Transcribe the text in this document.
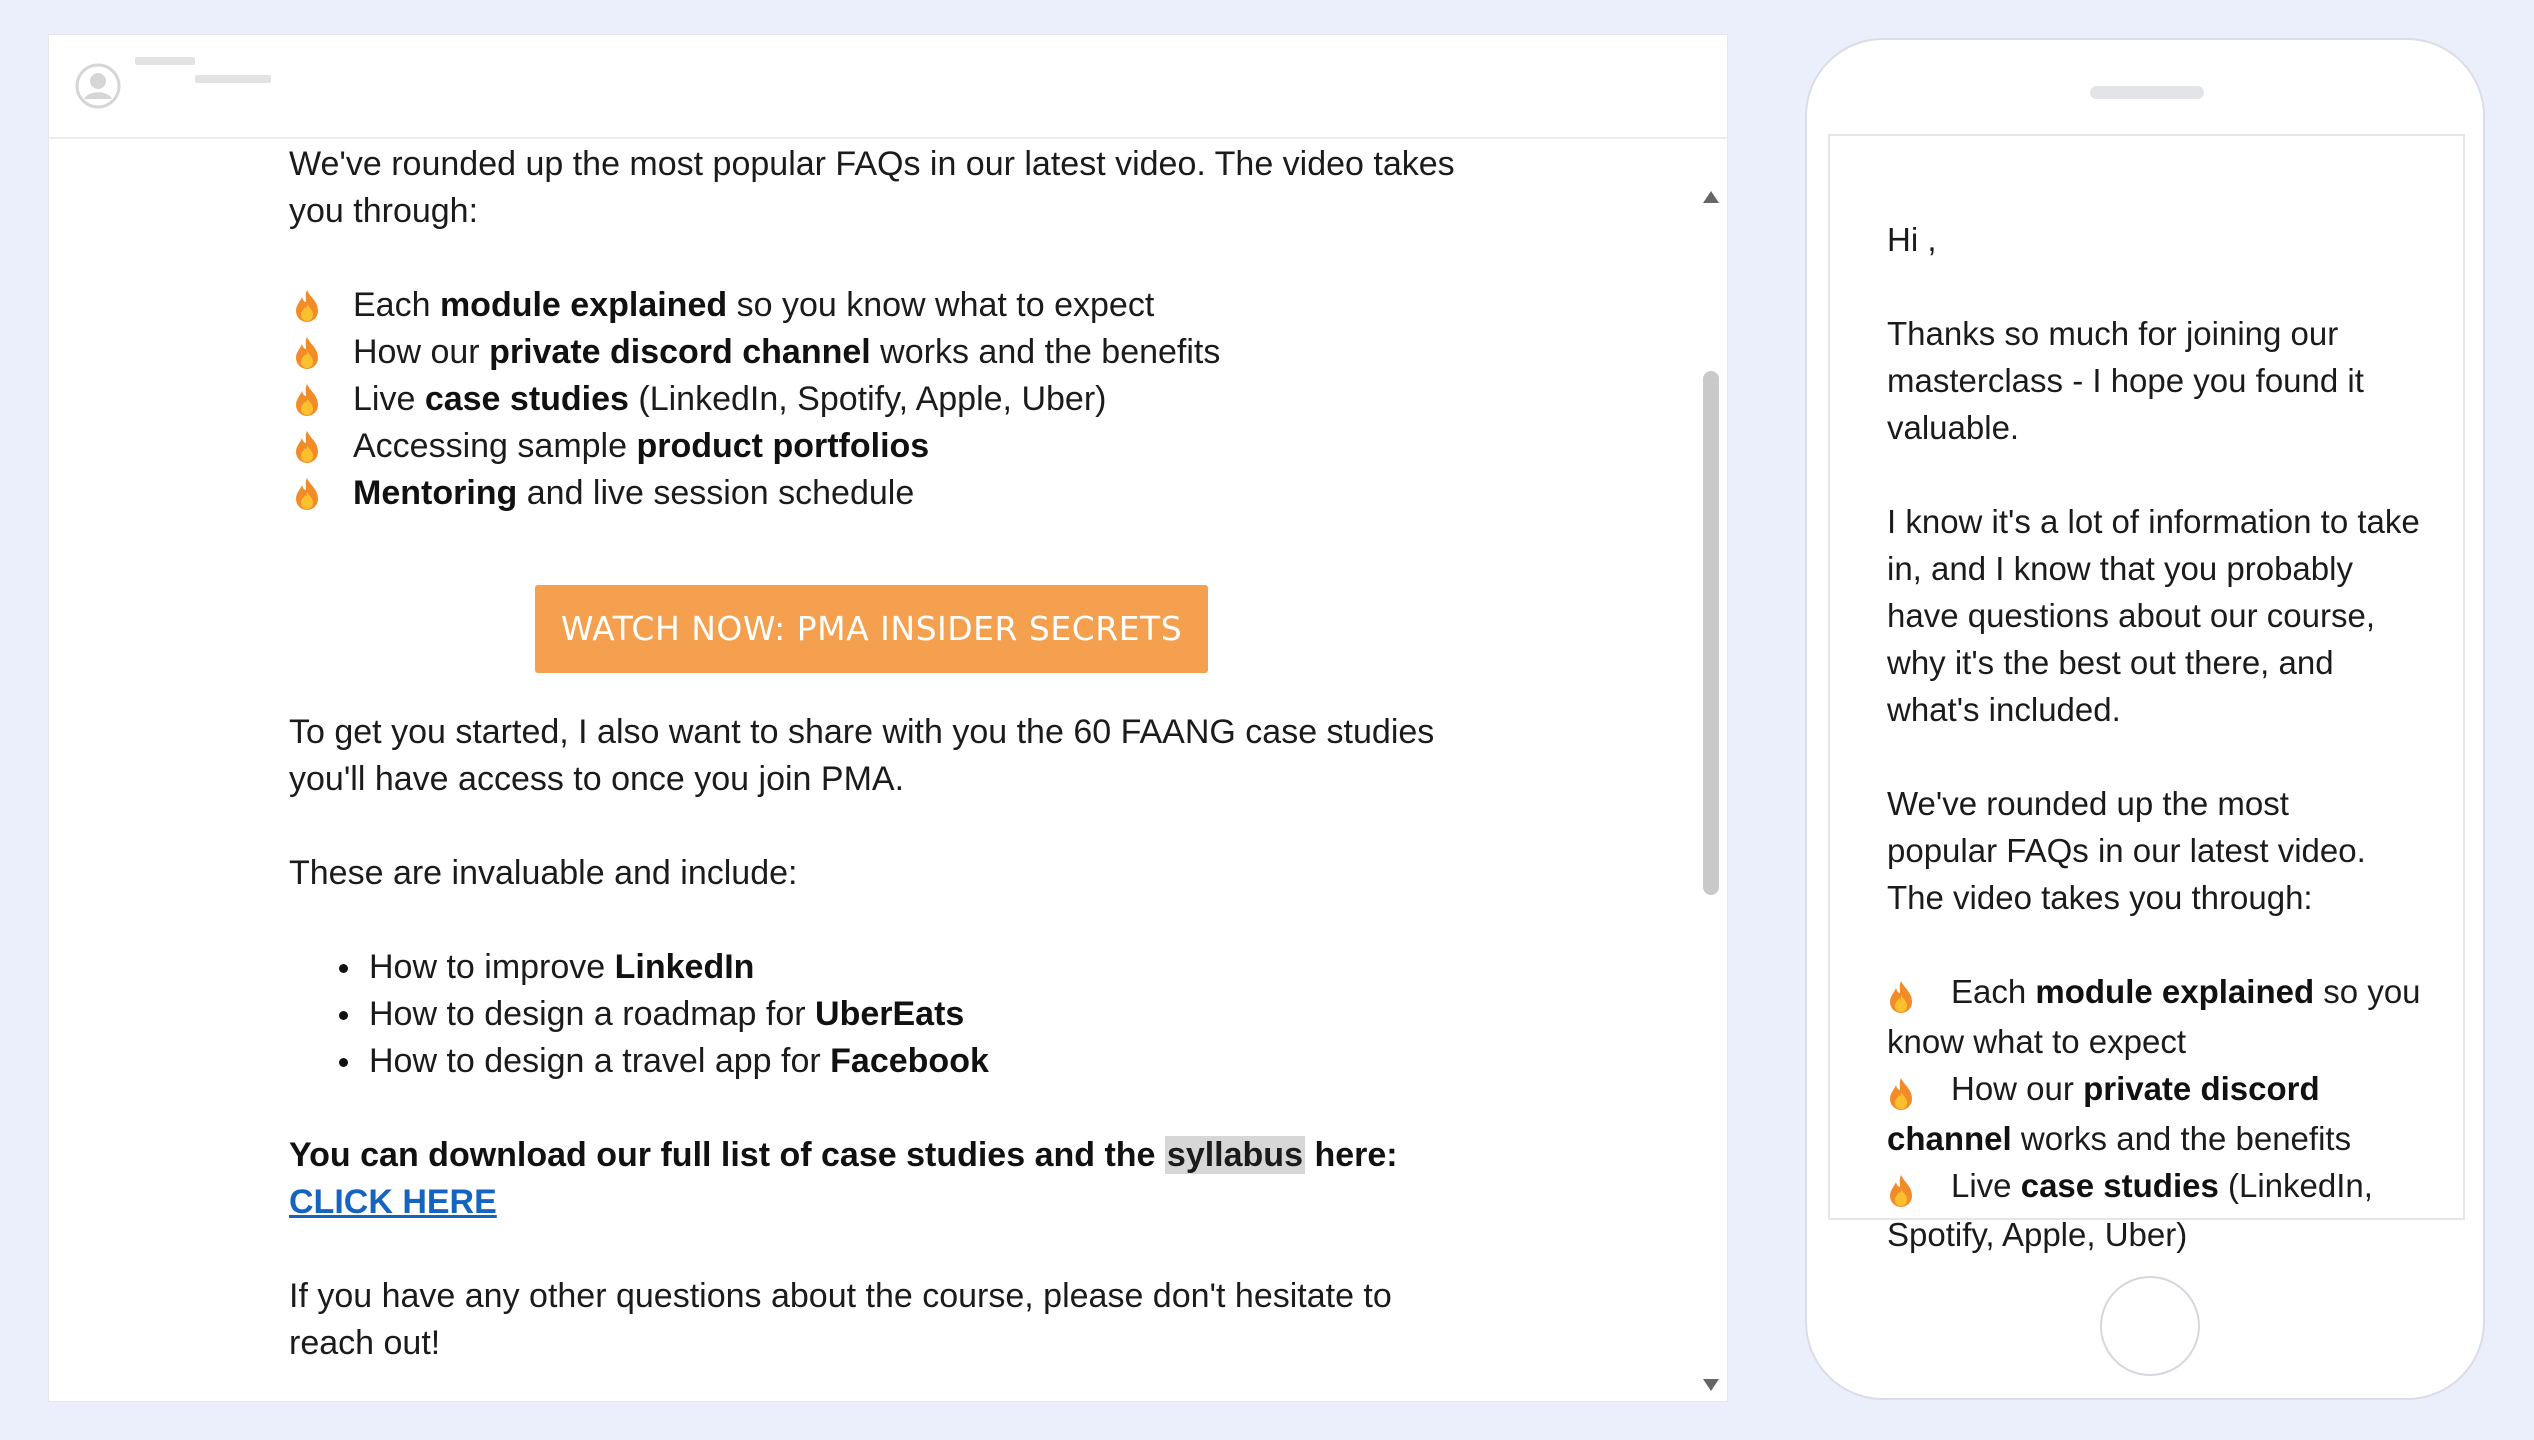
We've rounded up the most popular FAQs in our latest video. The video takes you through:

Each module explained so you know what to expect
How our private discord channel works and the benefits
Live case studies (LinkedIn, Spotify, Apple, Uber)
Accessing sample product portfolios
Mentoring and live session schedule
WATCH NOW: PMA INSIDER SECRETS

To get you started, I also want to share with you the 60 FAANG case studies you'll have access to once you join PMA.

These are invaluable and include:

How to improve LinkedIn
How to design a roadmap for UberEats
How to design a travel app for Facebook

You can download our full list of case studies and the syllabus here:

CLICK HERE

If you have any other questions about the course, please don't hesitate to reach out!

Hi ,

Thanks so much for joining our masterclass - I hope you found it valuable.

I know it's a lot of information to take in, and I know that you probably have questions about our course, why it's the best out there, and what's included.

We've rounded up the most popular FAQs in our latest video. The video takes you through:

Each module explained so you know what to expect

How our private discord channel works and the benefits

Live case studies (LinkedIn, Spotify, Apple, Uber)
